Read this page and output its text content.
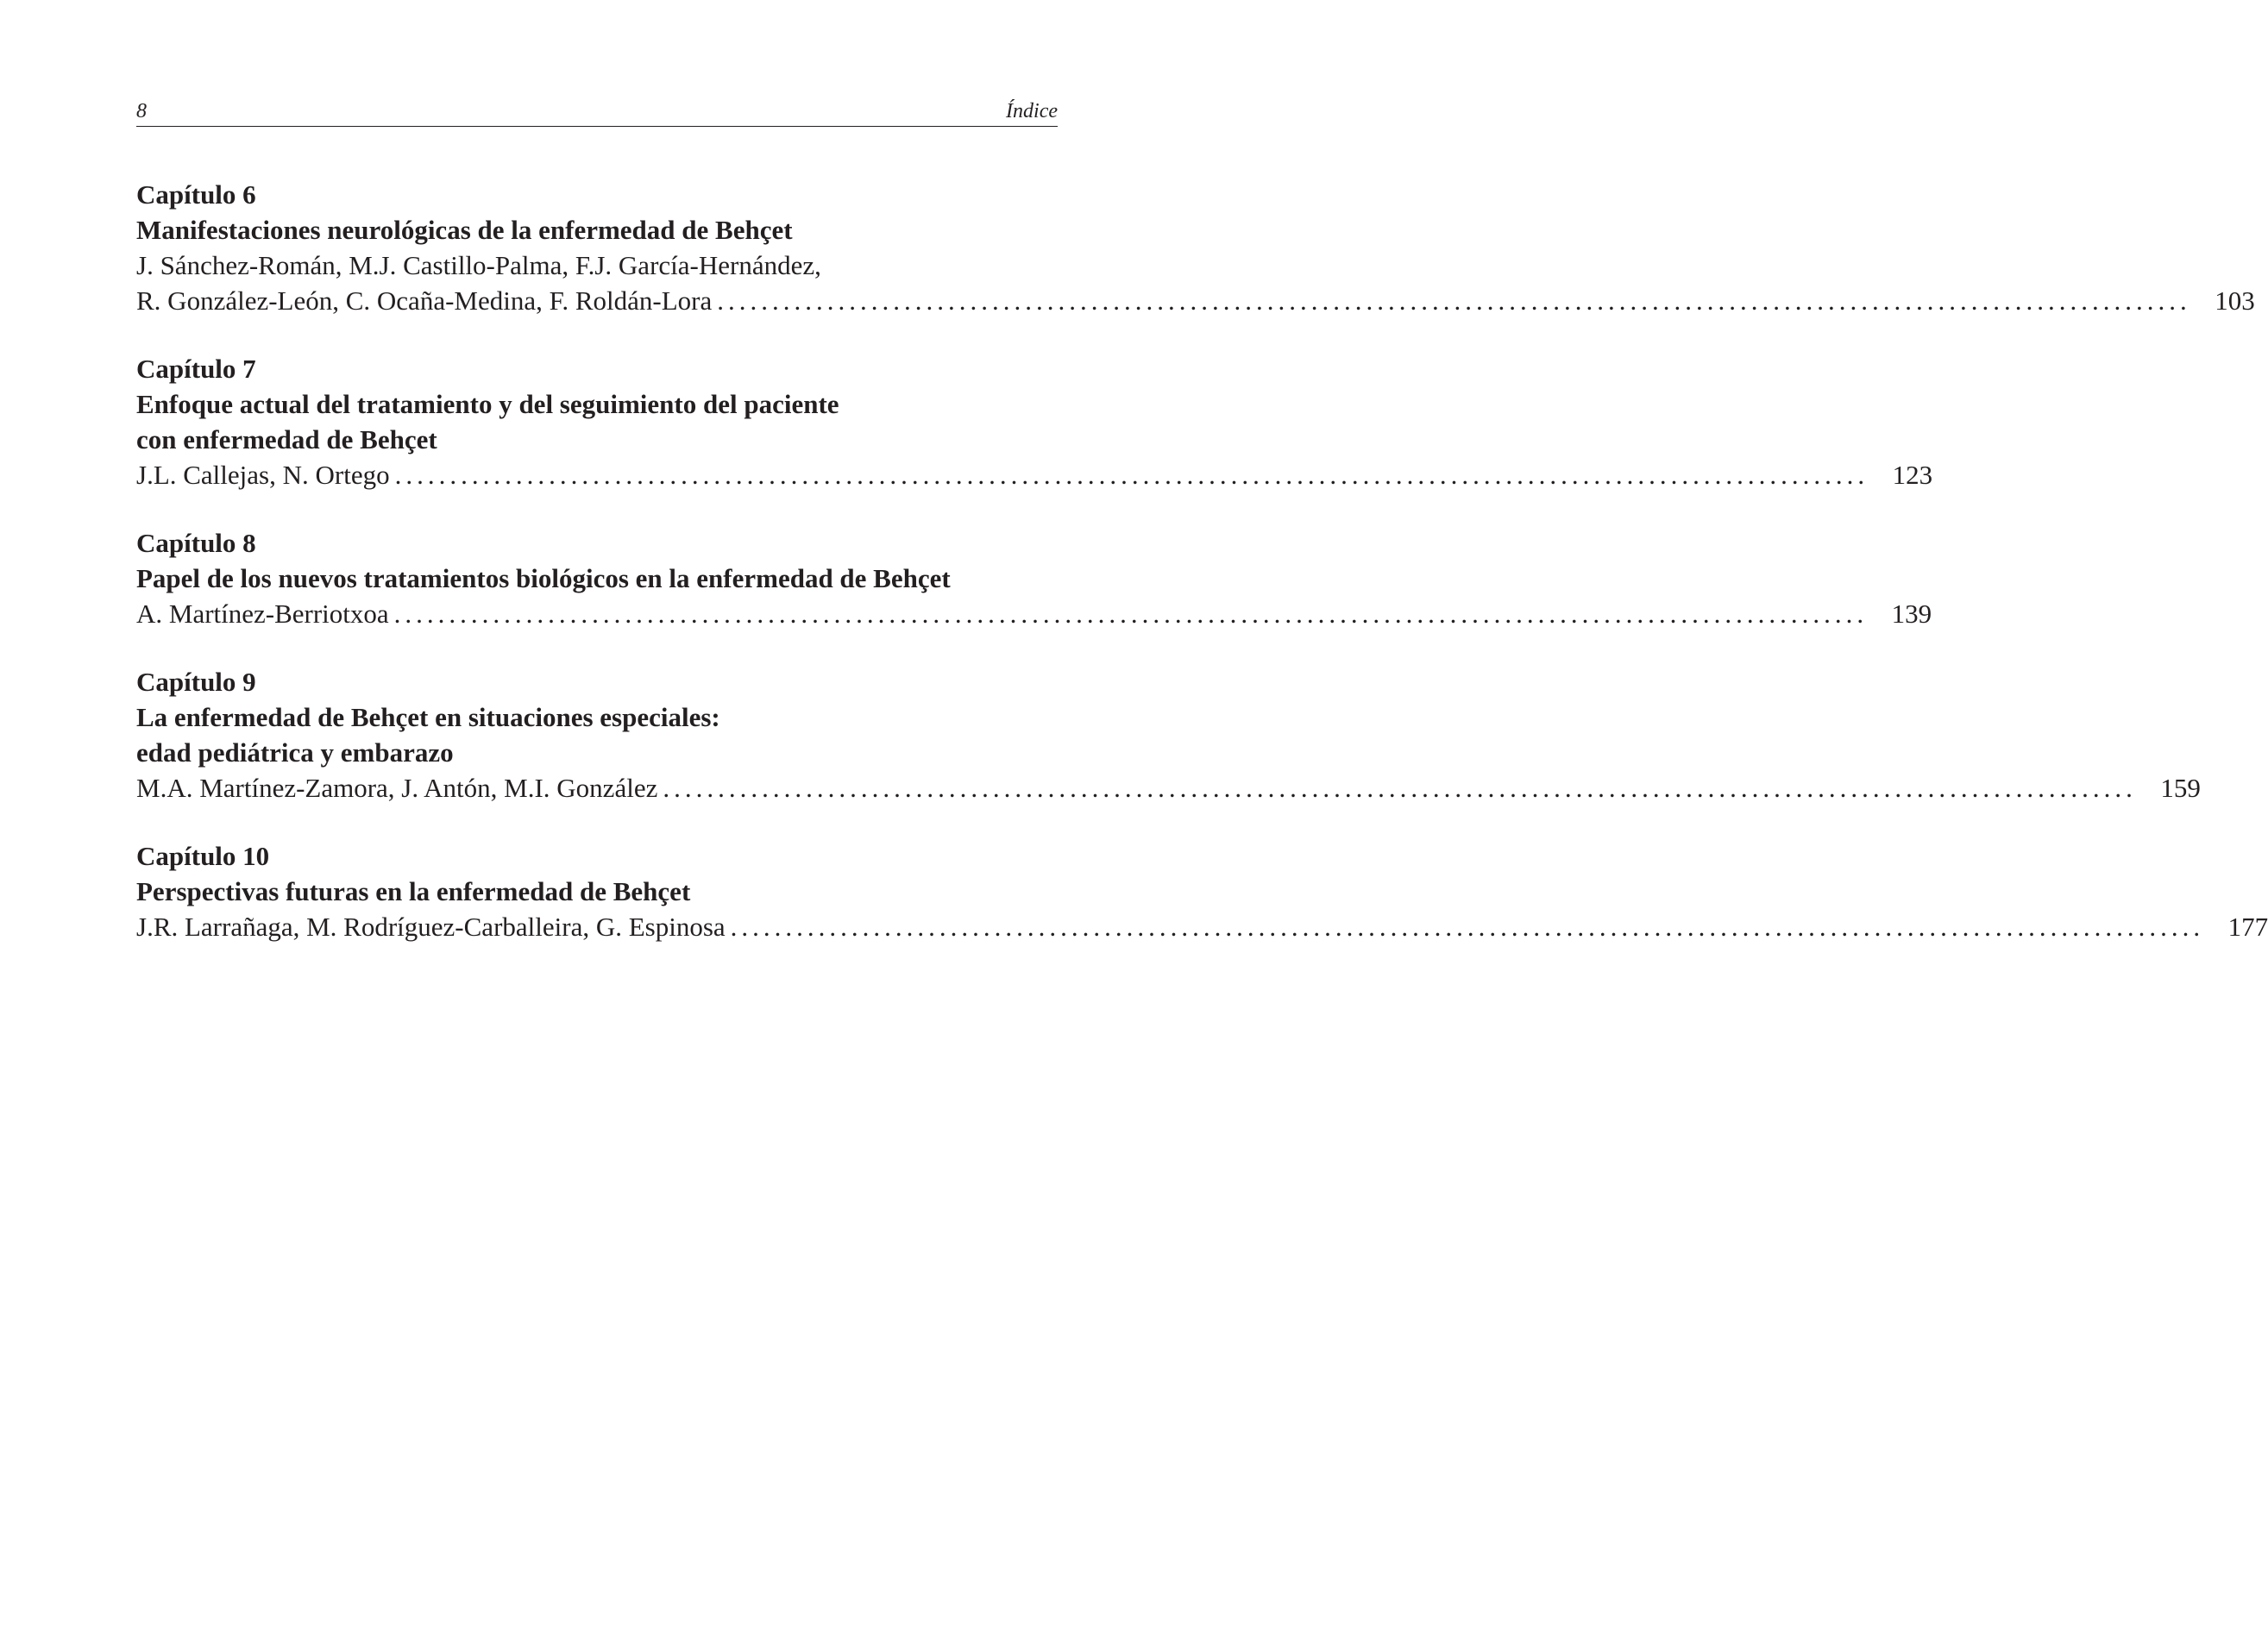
8	Índice
Capítulo 6
Manifestaciones neurológicas de la enfermedad de Behçet
J. Sánchez-Román, M.J. Castillo-Palma, F.J. García-Hernández,
R. González-León, C. Ocaña-Medina, F. Roldán-Lora ...................................................................................................................................... 103
Capítulo 7
Enfoque actual del tratamiento y del seguimiento del paciente
con enfermedad de Behçet
J.L. Callejas, N. Ortego ...................................................................................................................................... 123
Capítulo 8
Papel de los nuevos tratamientos biológicos en la enfermedad de Behçet
A. Martínez-Berriotxoa ...................................................................................................................................... 139
Capítulo 9
La enfermedad de Behçet en situaciones especiales:
edad pediátrica y embarazo
M.A. Martínez-Zamora, J. Antón, M.I. González ...................................................................................................................................... 159
Capítulo 10
Perspectivas futuras en la enfermedad de Behçet
J.R. Larrañaga, M. Rodríguez-Carballeira, G. Espinosa ...................................................................................................................................... 177
